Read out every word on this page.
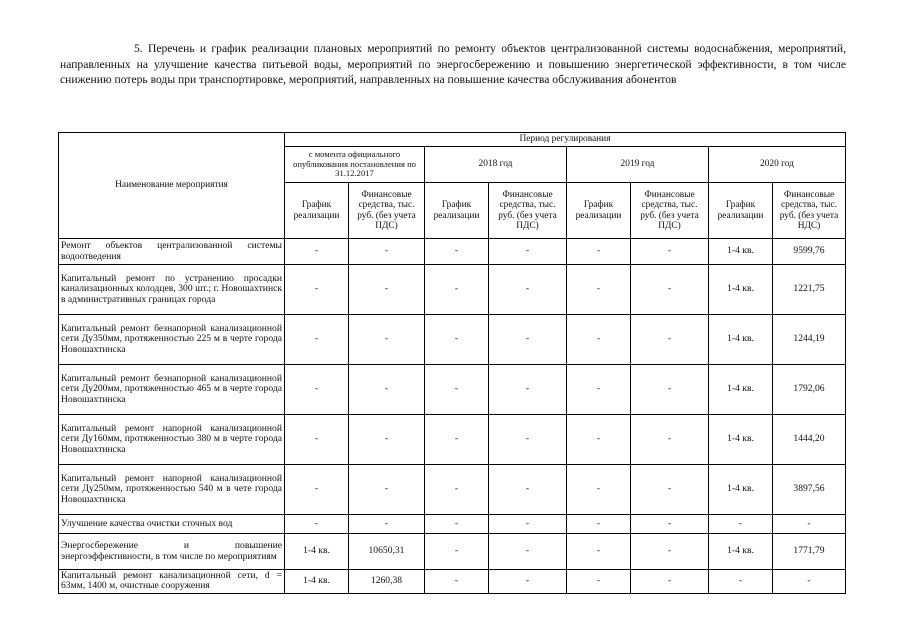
5. Перечень и график реализации плановых мероприятий по ремонту объектов централизованной системы водоснабжения, мероприятий, направленных на улучшение качества питьевой воды, мероприятий по энергосбережению и повышению энергетической эффективности, в том числе снижению потерь воды при транспортировке, мероприятий, направленных на повышение качества обслуживания абонентов
Наименование мероприятия	Период регулирования							
	с момента официального опубликования постановления по 31.12.2017		2018 год		2019 год		2020 год	
	График реализации	Финансовые средства, тыс. руб. (без учета ПДС)	График реализации	Финансовые средства, тыс. руб. (без учета ПДС)	График реализации	Финансовые средства, тыс. руб. (без учета ПДС)	График реализации	Финансовые средства, тыс. руб. (без учета НДС)
Ремонт объектов централизованной системы водоотведения	-	-	-	-	-	-	1-4 кв.	9599,76
Капитальный ремонт по устранению просадки канализационных колодцев, 300 шт.; г. Новошахтинск в административных границах города	-	-	-	-	-	-	1-4 кв.	1221,75
Капитальный ремонт безнапорной канализационной сети Ду350мм, протяженностью 225 м в черте города Новошахтинска	-	-	-	-	-	-	1-4 кв.	1244,19
Капитальный ремонт безнапорной канализационной сети Ду200мм, протяженностью 465 м в черте города Новошахтинска	-	-	-	-	-	-	1-4 кв.	1792,06
Капитальный ремонт напорной канализационной сети Ду160мм, протяженностью 380 м в черте города Новошахтинска	-	-	-	-	-	-	1-4 кв.	1444,20
Капитальный ремонт напорной канализационной сети Ду250мм, протяженностью 540 м в чете города Новошахтинска	-	-	-	-	-	-	1-4 кв.	3897,56
Улучшение качества очистки сточных вод	-	-	-	-	-	-	-	-
Энергосбережение и повышение энергоэффективности, в том числе по мероприятиям	1-4 кв.	10650,31	-	-	-	-	1-4 кв.	1771,79
Капитальный ремонт канализационной сети, d = 63мм, 1400 м, очистные сооружения	1-4 кв.	1260,38	-	-	-	-	-	-
